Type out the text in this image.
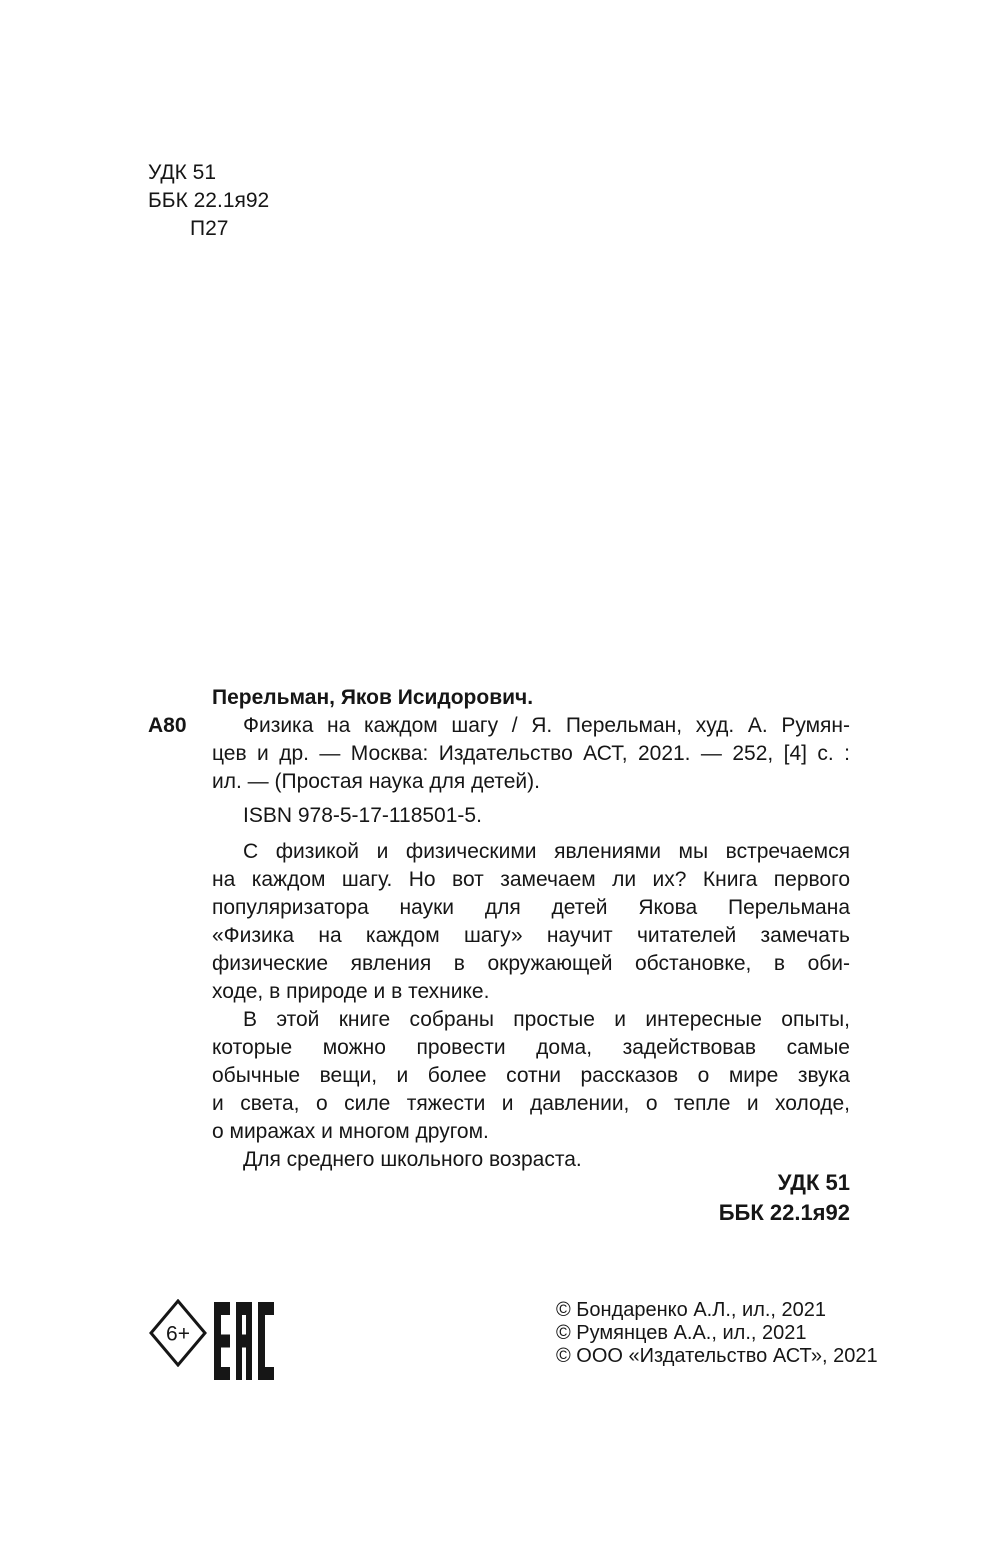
УДК 51
ББК 22.1я92
П27
А80
Перельман, Яков Исидорович.
Физика на каждом шагу / Я. Перельман, худ. А. Румян-
цев и др. — Москва: Издательство АСТ, 2021. — 252, [4] с. :
ил. — (Простая наука для детей).
ISBN 978-5-17-118501-5.
С физикой и физическими явлениями мы встречаемся
на каждом шагу. Но вот замечаем ли их? Книга первого
популяризатора науки для детей Якова Перельмана
«Физика на каждом шагу» научит читателей замечать
физические явления в окружающей обстановке, в оби-
ходе, в природе и в технике.
В этой книге собраны простые и интересные опыты,
которые можно провести дома, задействовав самые
обычные вещи, и более сотни рассказов о мире звука
и света, о силе тяжести и давлении, о тепле и холоде,
о миражах и многом другом.
Для среднего школьного возраста.
УДК 51
ББК 22.1я92
6+
© Бондаренко А.Л., ил., 2021
© Румянцев А.А., ил., 2021
© ООО «Издательство АСТ», 2021
